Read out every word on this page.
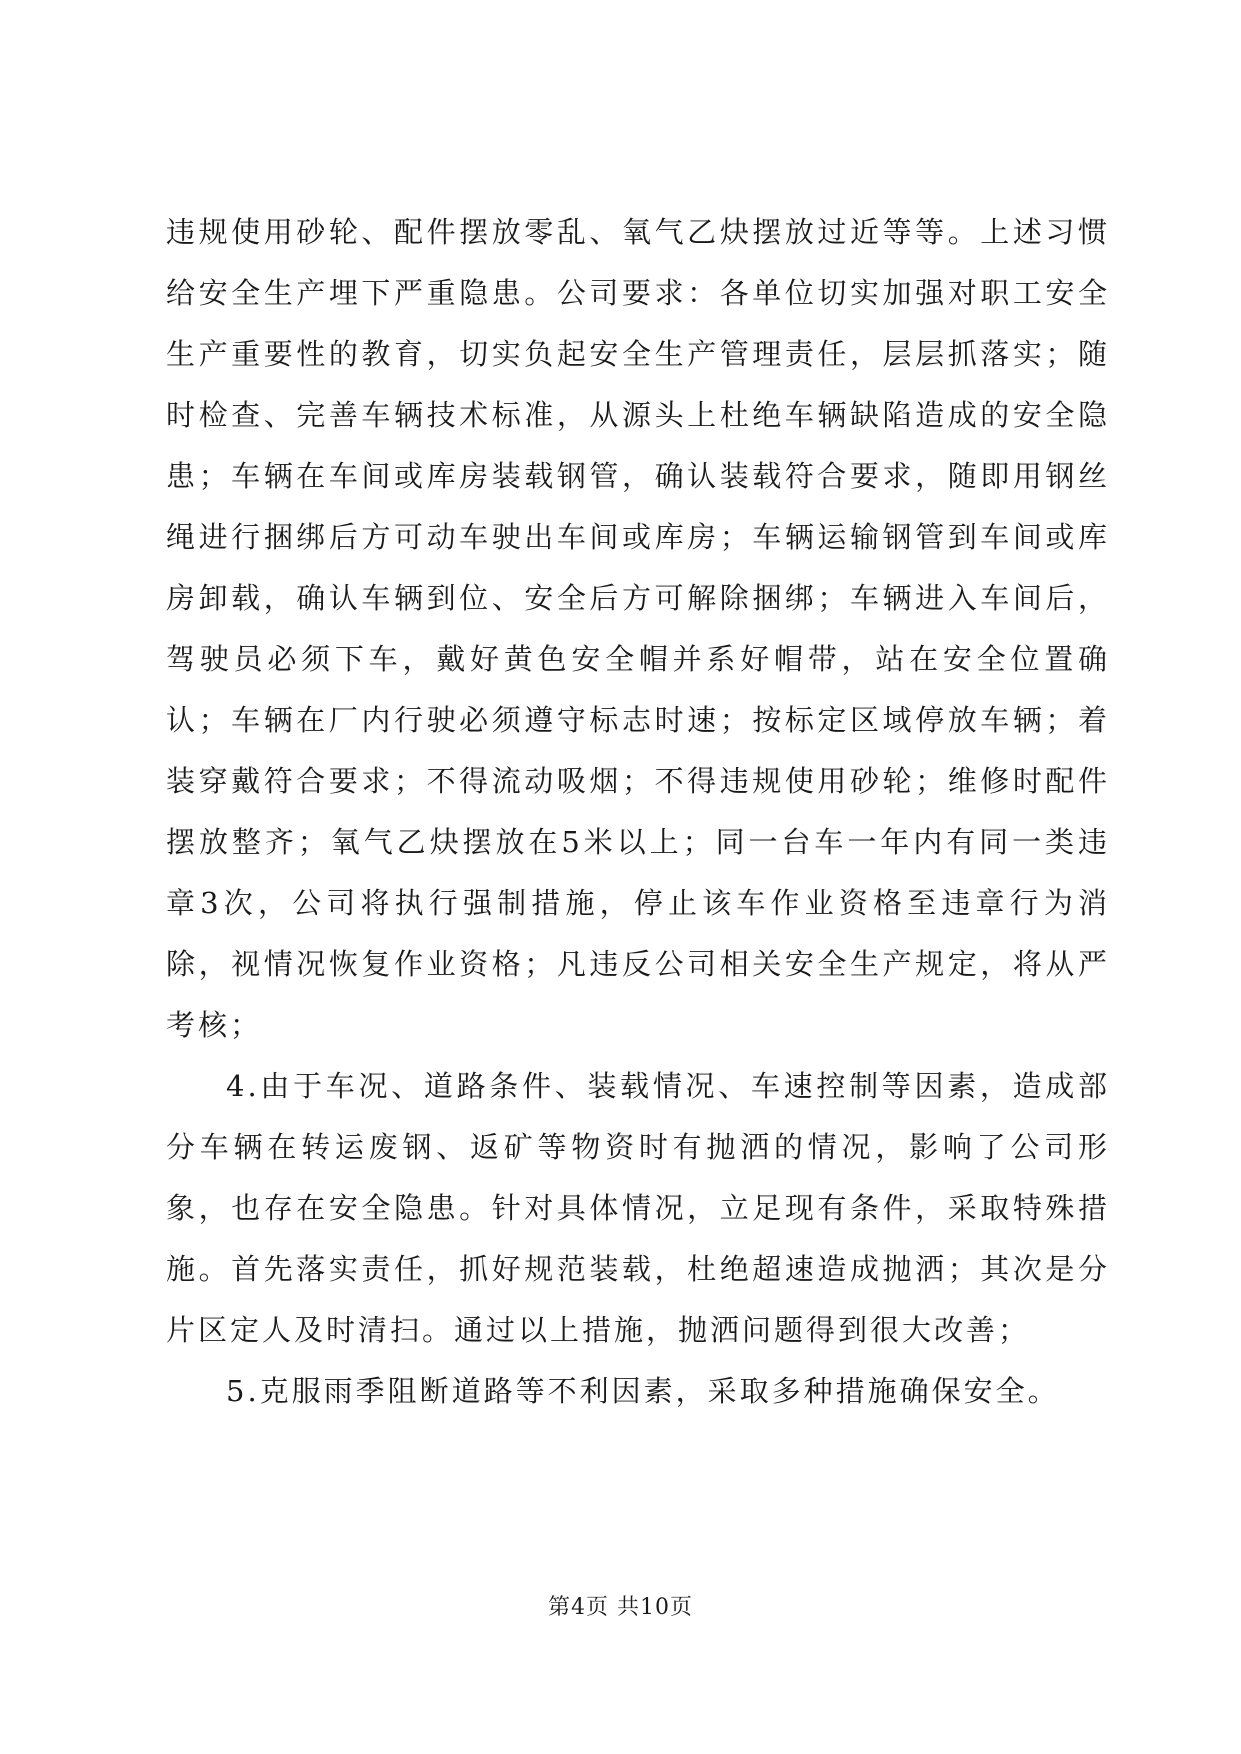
违规使用砂轮、配件摆放零乱、氧气乙炔摆放过近等等。上述习惯给安全生产埋下严重隐患。公司要求：各单位切实加强对职工安全生产重要性的教育，切实负起安全生产管理责任，层层抓落实；随时检查、完善车辆技术标准，从源头上杜绝车辆缺陷造成的安全隐患；车辆在车间或库房装载钢管，确认装载符合要求，随即用钢丝绳进行捆绑后方可动车驶出车间或库房；车辆运输钢管到车间或库房卸载，确认车辆到位、安全后方可解除捆绑；车辆进入车间后，驾驶员必须下车，戴好黄色安全帽并系好帽带，站在安全位置确认；车辆在厂内行驶必须遵守标志时速；按标定区域停放车辆；着装穿戴符合要求；不得流动吸烟；不得违规使用砂轮；维修时配件摆放整齐；氧气乙炔摆放在5米以上；同一台车一年内有同一类违章3次，公司将执行强制措施，停止该车作业资格至违章行为消除，视情况恢复作业资格；凡违反公司相关安全生产规定，将从严考核；

4.由于车况、道路条件、装载情况、车速控制等因素，造成部分车辆在转运废钢、返矿等物资时有抛洒的情况，影响了公司形象，也存在安全隐患。针对具体情况，立足现有条件，采取特殊措施。首先落实责任，抓好规范装载，杜绝超速造成抛洒；其次是分片区定人及时清扫。通过以上措施，抛洒问题得到很大改善；

5.克服雨季阻断道路等不利因素，采取多种措施确保安全。

第4页 共10页
